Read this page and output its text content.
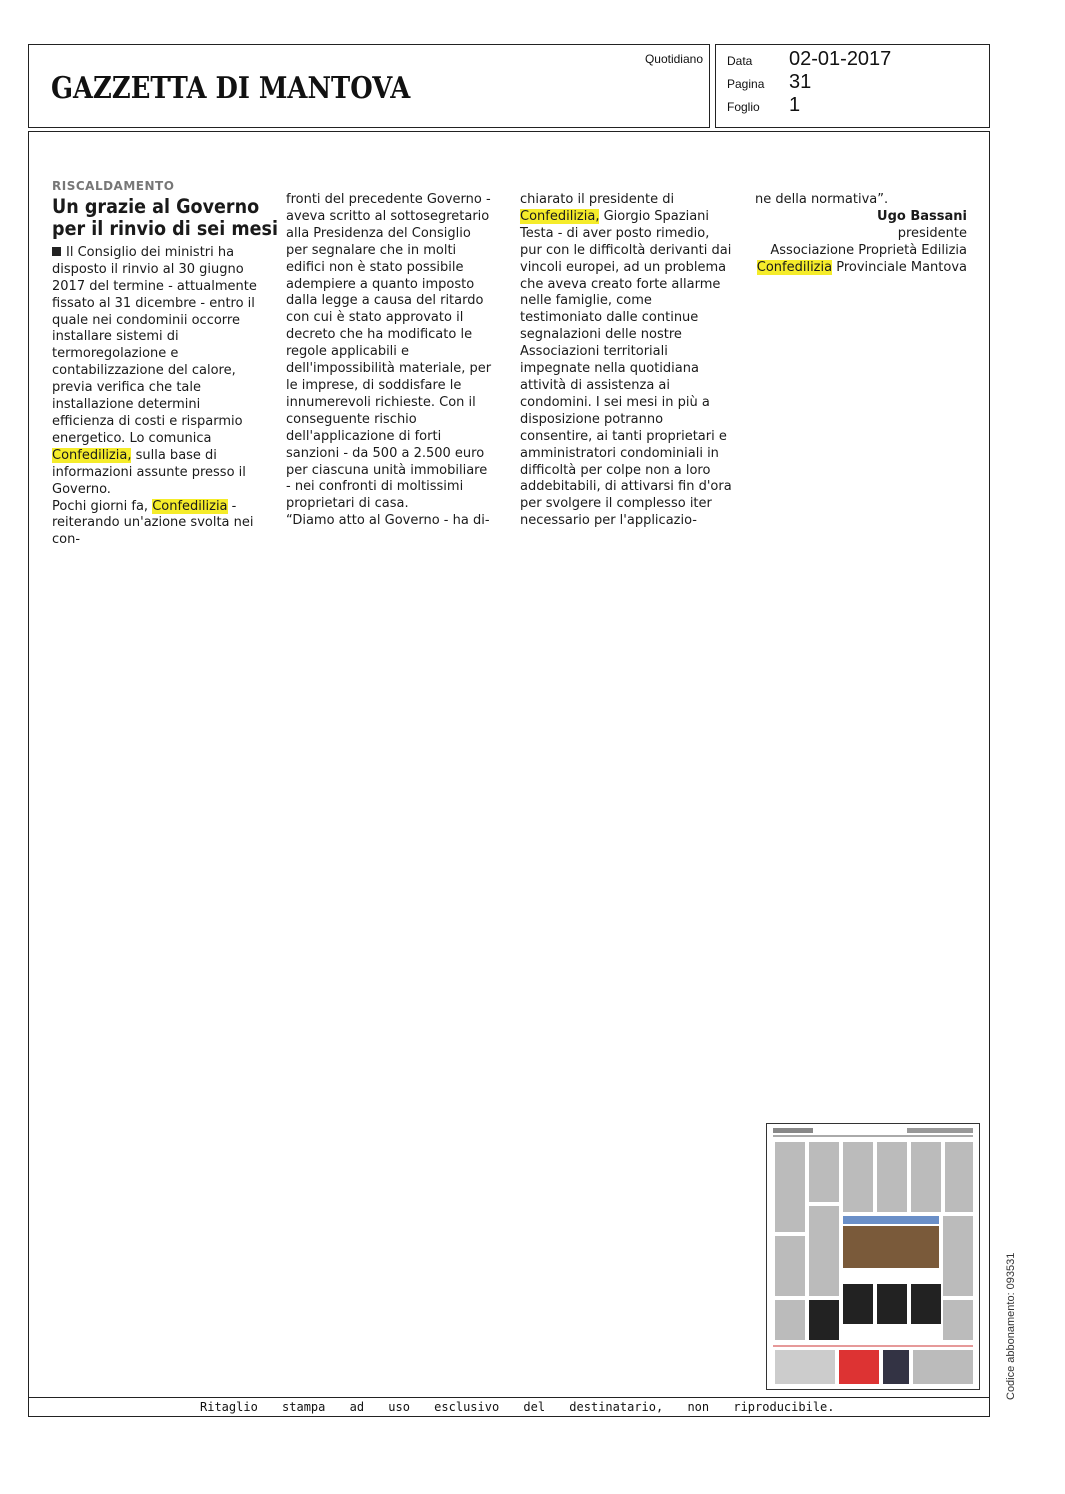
GAZZETTA DI MANTOVA
Quotidiano Data 02-01-2017
Pagina 31
Foglio 1
RISCALDAMENTO
Un grazie al Governo
per il rinvio di sei mesi

Il Consiglio dei ministri ha disposto il rinvio al 30 giugno 2017 del termine - attualmente fissato al 31 dicembre - entro il quale nei condominii occorre installare sistemi di termoregolazione e contabilizzazione del calore, previa verifica che tale installazione determini efficienza di costi e risparmio energetico. Lo comunica Confedilizia, sulla base di informazioni assunte presso il Governo.

Pochi giorni fa, Confedilizia - reiterando un'azione svolta nei con-

fronti del precedente Governo - aveva scritto al sottosegretario alla Presidenza del Consiglio per segnalare che in molti edifici non è stato possibile adempiere a quanto imposto dalla legge a causa del ritardo con cui è stato approvato il decreto che ha modificato le regole applicabili e dell'impossibilità materiale, per le imprese, di soddisfare le innumerevoli richieste. Con il conseguente rischio dell'applicazione di forti sanzioni - da 500 a 2.500 euro per ciascuna unità immobiliare - nei confronti di moltissimi proprietari di casa.

“Diamo atto al Governo - ha di-

chiarato il presidente di Confedilizia, Giorgio Spaziani Testa - di aver posto rimedio, pur con le difficoltà derivanti dai vincoli europei, ad un problema che aveva creato forte allarme nelle famiglie, come testimoniato dalle continue segnalazioni delle nostre Associazioni territoriali impegnate nella quotidiana attività di assistenza ai condomini. I sei mesi in più a disposizione potranno consentire, ai tanti proprietari e amministratori condominiali in difficoltà per colpe non a loro addebitabili, di attivarsi fin d'ora per svolgere il complesso iter necessario per l'applicazio-

ne della normativa”.

Ugo Bassani

presidente

Associazione Proprietà Edilizia

Confedilizia Provinciale Mantova

Ritaglio stampa ad uso esclusivo del destinatario, non riproducibile.
Codice abbonamento: 093531
